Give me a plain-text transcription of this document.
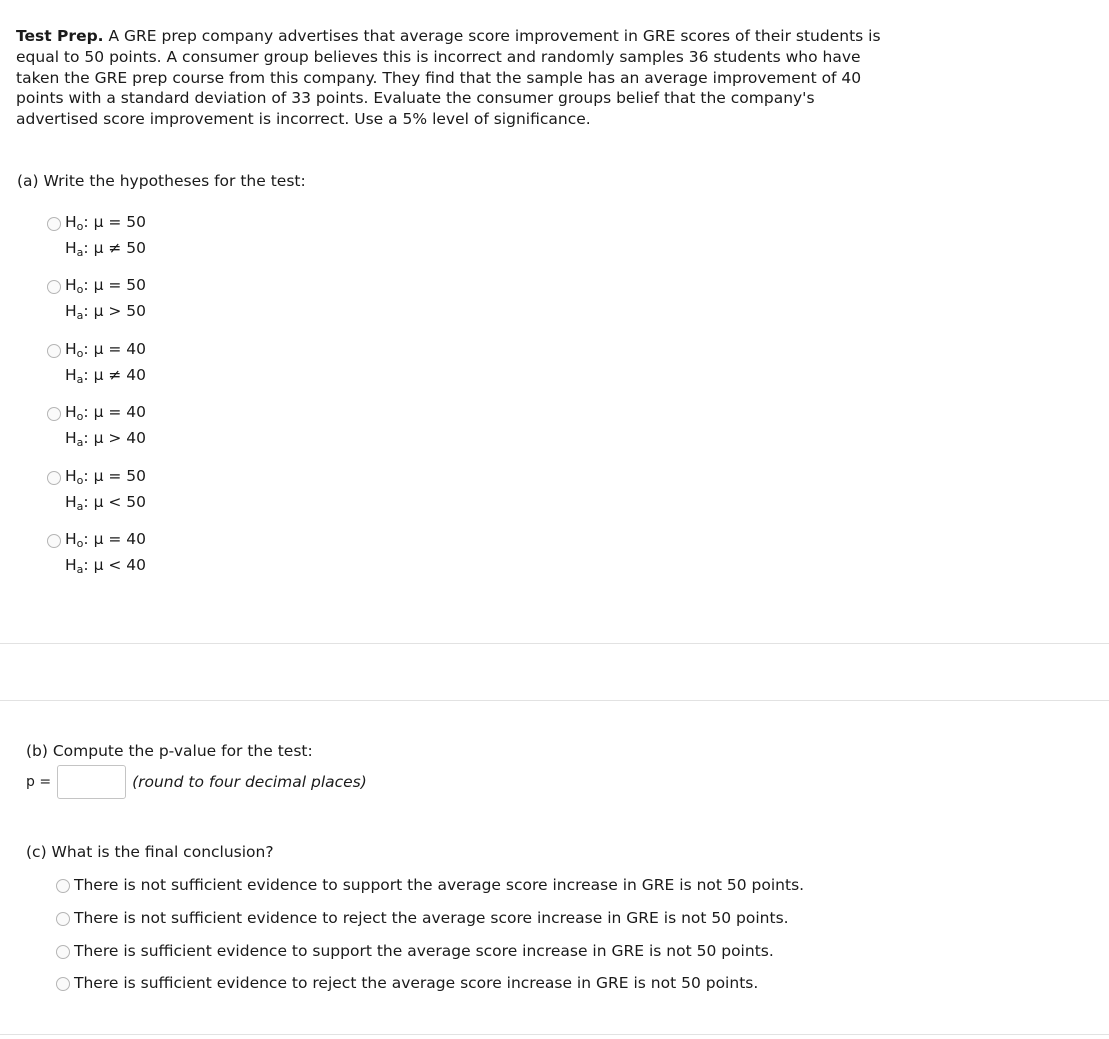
Test Prep. A GRE prep company advertises that average score improvement in GRE scores of their students is equal to 50 points. A consumer group believes this is incorrect and randomly samples 36 students who have taken the GRE prep course from this company. They find that the sample has an average improvement of 40 points with a standard deviation of 33 points. Evaluate the consumer groups belief that the company's advertised score improvement is incorrect. Use a 5% level of significance.
(a) Write the hypotheses for the test:
$H_o$: μ = 50
$H_a$: μ ≠ 50
$H_o$: μ = 50
$H_a$: μ > 50
$H_o$: μ = 40
$H_a$: μ ≠ 40
$H_o$: μ = 40
$H_a$: μ > 40
$H_o$: μ = 50
$H_a$: μ < 50
$H_o$: μ = 40
$H_a$: μ < 40
(b) Compute the p-value for the test:
p =	(round to four decimal places)
(c) What is the final conclusion?
There is not sufficient evidence to support the average score increase in GRE is not 50 points.
There is not sufficient evidence to reject the average score increase in GRE is not 50 points.
There is sufficient evidence to support the average score increase in GRE is not 50 points.
There is sufficient evidence to reject the average score increase in GRE is not 50 points.
